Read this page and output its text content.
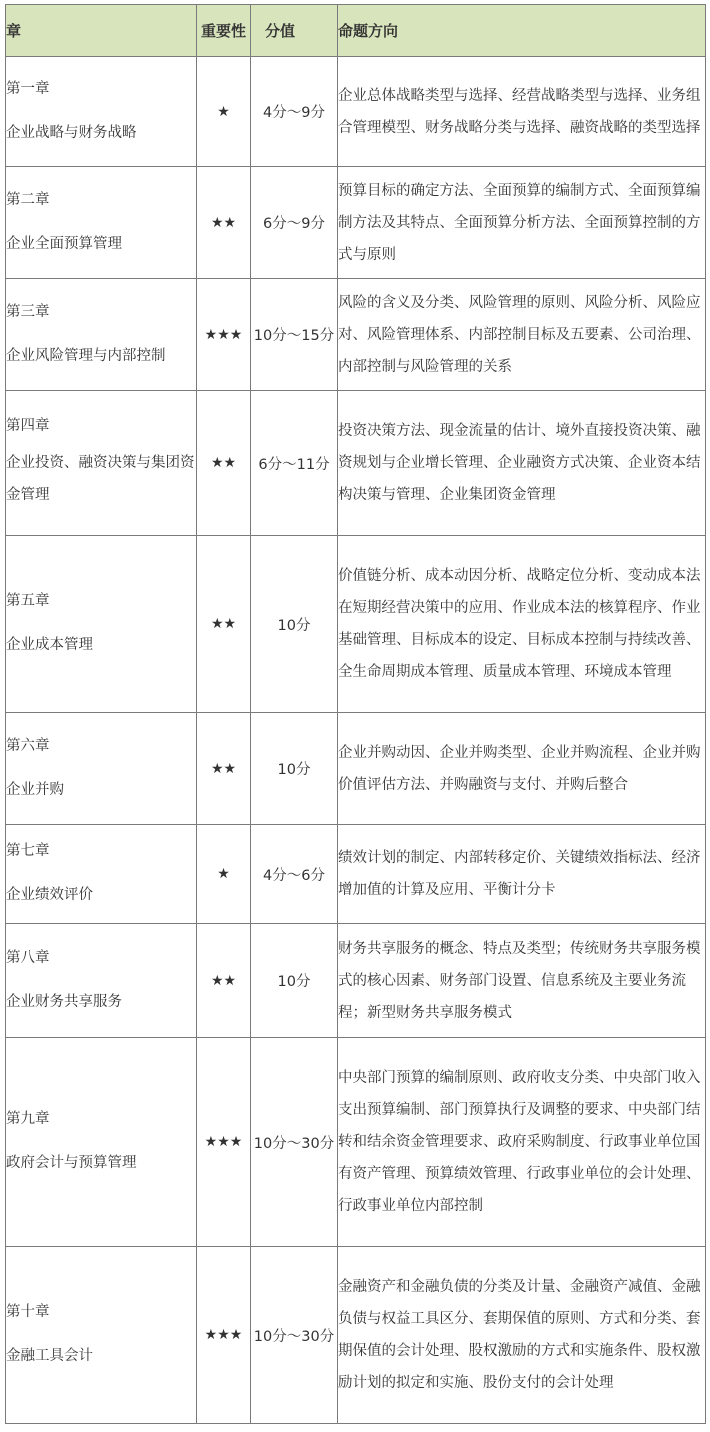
章	重要性	分值	命题方向

第一章
企业战略与财务战略	★	4分～9分	企业总体战略类型与选择、经营战略类型与选择、业务组合管理模型、财务战略分类与选择、融资战略的类型选择

第二章
企业全面预算管理	★★	6分～9分	预算目标的确定方法、全面预算的编制方式、全面预算编制方法及其特点、全面预算分析方法、全面预算控制的方式与原则

第三章
企业风险管理与内部控制	★★★	10分～15分	风险的含义及分类、风险管理的原则、风险分析、风险应对、风险管理体系、内部控制目标及五要素、公司治理、内部控制与风险管理的关系

第四章
企业投资、融资决策与集团资金管理	★★	6分～11分	投资决策方法、现金流量的估计、境外直接投资决策、融资规划与企业增长管理、企业融资方式决策、企业资本结构决策与管理、企业集团资金管理

第五章
企业成本管理	★★	10分	价值链分析、成本动因分析、战略定位分析、变动成本法在短期经营决策中的应用、作业成本法的核算程序、作业基础管理、目标成本的设定、目标成本控制与持续改善、全生命周期成本管理、质量成本管理、环境成本管理

第六章
企业并购	★★	10分	企业并购动因、企业并购类型、企业并购流程、企业并购价值评估方法、并购融资与支付、并购后整合

第七章
企业绩效评价	★	4分～6分	绩效计划的制定、内部转移定价、关键绩效指标法、经济增加值的计算及应用、平衡计分卡

第八章
企业财务共享服务	★★	10分	财务共享服务的概念、特点及类型；传统财务共享服务模式的核心因素、财务部门设置、信息系统及主要业务流程；新型财务共享服务模式

第九章
政府会计与预算管理	★★★	10分～30分	中央部门预算的编制原则、政府收支分类、中央部门收入支出预算编制、部门预算执行及调整的要求、中央部门结转和结余资金管理要求、政府采购制度、行政事业单位国有资产管理、预算绩效管理、行政事业单位的会计处理、行政事业单位内部控制

第十章
金融工具会计	★★★	10分～30分	金融资产和金融负债的分类及计量、金融资产减值、金融负债与权益工具区分、套期保值的原则、方式和分类、套期保值的会计处理、股权激励的方式和实施条件、股权激励计划的拟定和实施、股份支付的会计处理
